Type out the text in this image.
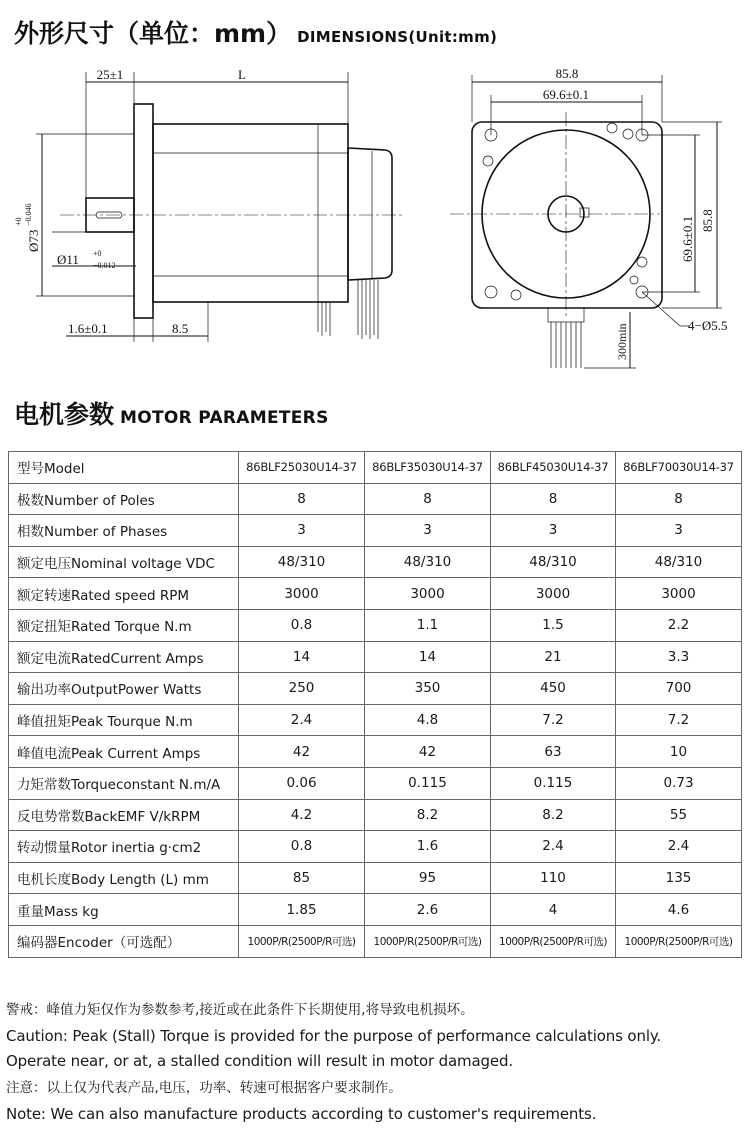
外形尺寸（单位：mm） DIMENSIONS(Unit:mm)
25±1	L
Ø73
+0 −0.046
Ø11 +0
−0.012
1.6±0.1	8.5
85.8
69.6±0.1
69.6±0.1 85.8
4−Ø5.5
300min
电机参数 MOTOR PARAMETERS
型号Model	86BLF25030U14-37	86BLF35030U14-37	86BLF45030U14-37	86BLF70030U14-37
极数Number of Poles	8	8	8	8
相数Number of Phases	3	3	3	3
额定电压Nominal voltage VDC	48/310	48/310	48/310	48/310
额定转速Rated speed RPM	3000	3000	3000	3000
额定扭矩Rated Torque N.m	0.8	1.1	1.5	2.2
额定电流RatedCurrent Amps	14	14	21	3.3
输出功率OutputPower Watts	250	350	450	700
峰值扭矩Peak Tourque N.m	2.4	4.8	7.2	7.2
峰值电流Peak Current Amps	42	42	63	10
力矩常数Torqueconstant N.m/A	0.06	0.115	0.115	0.73
反电势常数BackEMF V/kRPM	4.2	8.2	8.2	55
转动惯量Rotor inertia g·cm2	0.8	1.6	2.4	2.4
电机长度Body Length (L) mm	85	95	110	135
重量Mass kg	1.85	2.6	4	4.6
编码器Encoder（可选配）	1000P/R(2500P/R可选)	1000P/R(2500P/R可选)	1000P/R(2500P/R可选)	1000P/R(2500P/R可选)

警戒：峰值力矩仅作为参数参考,接近或在此条件下长期使用,将导致电机损坏。

Caution: Peak (Stall) Torque is provided for the purpose of performance calculations only.

Operate near, or at, a stalled condition will result in motor damaged.

注意：以上仅为代表产品,电压，功率、转速可根据客户要求制作。

Note: We can also manufacture products according to customer's requirements.
